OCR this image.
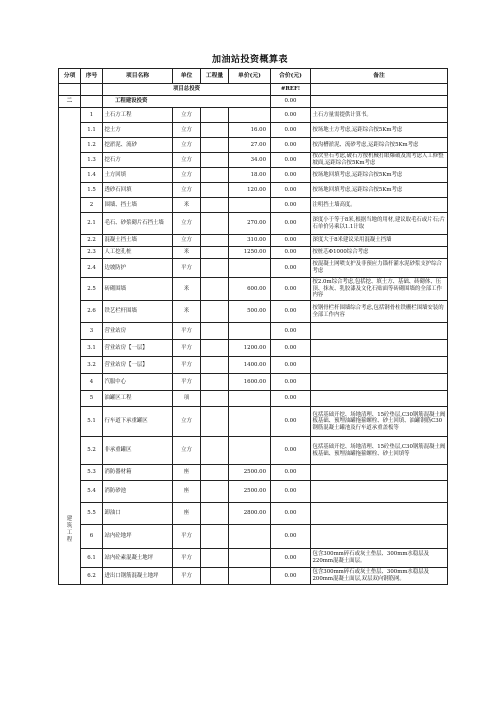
加油站投资概算表
分项	序号	项目名称	单位	工程量	单价(元)	合价(元)	备注
		项目总投资				#REF!	
二		工程建设投资				0.00	

建
筑
工
程	1	土石方工程	立方			0.00	土石方量需提供计算书。
	1.1	挖土方	立方		16.00	0.00	按场地土方考虑,运距综合按5Km考虑
	1.2	挖淤泥、流砂	立方		27.00	0.00	按沟槽淤泥、流砂考虑,运距综合按5Km考虑
	1.3	挖石方	立方		34.00	0.00	按次坚石考虑,破石方按机械打眼爆破及需考虑人工修整坡面,运距综合按5Km考虑
	1.4	土方回填	立方		18.00	0.00	按场地回填考虑,运距综合按5Km考虑
	1.5	透砂石回填	立方		120.00	0.00	按场地回填考虑,运距综合按5Km考虑
	2	围墙、挡土墙	米			0.00	注明挡土墙高度。
	2.1	毛石、砂浆砌片石挡土墙	立方		270.00	0.00	深度小于等于8米,根据当地的用材,建议取毛石或片石;片石单价另乘以1.1计取
	2.2	混凝土挡土墙	立方		310.00	0.00	深度大于8米建议采用混凝土挡墙
	2.3	人工挖孔桩	米		1250.00	0.00	按桩芯Φ1000综合考虑
	2.4	边坡防护	平方			0.00	按混凝土网喷支护及非预应力锚杆灌水泥砂浆支护综合考虑
	2.5	砖砌围墙	米		600.00	0.00	按2.0m综合考虑,包括挖、填土方、基础、砖砌体、压顶、抹灰、乳胶漆及文化石贴面等砖砌围墙的全部工作内容
	2.6	铁艺栏杆围墙	米		500.00	0.00	按钢骨栏杆围墙综合考虑,包括钢骨柱铁栅栏围墙安装的全部工作内容
	3	营业站房	平方			0.00	
	3.1	营业站房【一层】	平方		1200.00	0.00	
	3.2	营业站房【一层】	平方		1400.00	0.00	
	4	汽服中心	平方		1600.00	0.00	
	5	油罐区工程	项			0.00	
	5.1	行车道下承重罐区	立方			0.00	包括基础开挖、场地清理、15砼垫层,C30钢筋混凝土阀板基础、预埋油罐拖箍螺栓、砂土回填、油罐钢筋C30钢筋混凝土罐池及行车道承重盖板等
	5.2	非承重罐区	立方			0.00	包括基础开挖、场地清理、15砼垫层,C30钢筋混凝土阀板基础、预埋油罐拖箍螺栓、砂土回填等
	5.3	消防器材箱	座		2500.00	0.00	
	5.4	消防砂池	座		2500.00	0.00	
	5.5	卸油口	座		2800.00	0.00	
	6	站内砼地坪	平方			0.00	
	6.1	站内砼素混凝土地坪	平方			0.00	包含300mm碎石或灰土垫层、300mm水稳层及220mm混凝土面层。
	6.2	进出口钢筋混凝土地坪	平方			0.00	包含300mm碎石或灰土垫层、300mm水稳层及200mm混凝土面层,双层双向钢筋网。
